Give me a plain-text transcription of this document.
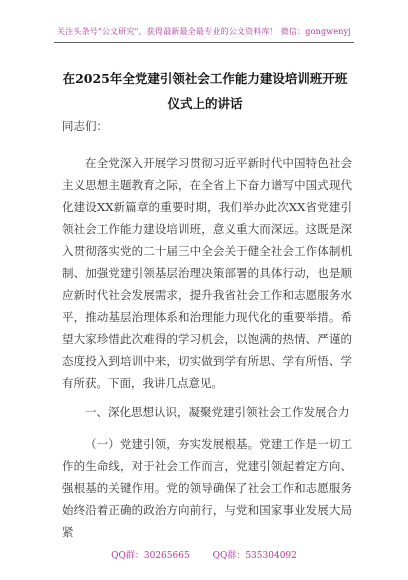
关注头条号"公文研究"，获得最新最全最专业的公文资料库！ 微信：gongwenyj
在2025年全党建引领社会工作能力建设培训班开班仪式上的讲话
同志们：

在全党深入开展学习贯彻习近平新时代中国特色社会主义思想主题教育之际，在全省上下奋力谱写中国式现代化建设XX新篇章的重要时期，我们举办此次XX省党建引领社会工作能力建设培训班，意义重大而深远。这既是深入贯彻落实党的二十届三中全会关于健全社会工作体制机制、加强党建引领基层治理决策部署的具体行动，也是顺应新时代社会发展需求，提升我省社会工作和志愿服务水平，推动基层治理体系和治理能力现代化的重要举措。希望大家珍惜此次难得的学习机会，以饱满的热情、严谨的态度投入到培训中来，切实做到学有所思、学有所悟、学有所获。下面，我讲几点意见。

一、深化思想认识，凝聚党建引领社会工作发展合力

（一）党建引领，夯实发展根基。党建工作是一切工作的生命线，对于社会工作而言，党建引领起着定方向、强根基的关键作用。党的领导确保了社会工作和志愿服务始终沿着正确的政治方向前行，与党和国家事业发展大局紧

QQ群：30265665	QQ群：535304092
